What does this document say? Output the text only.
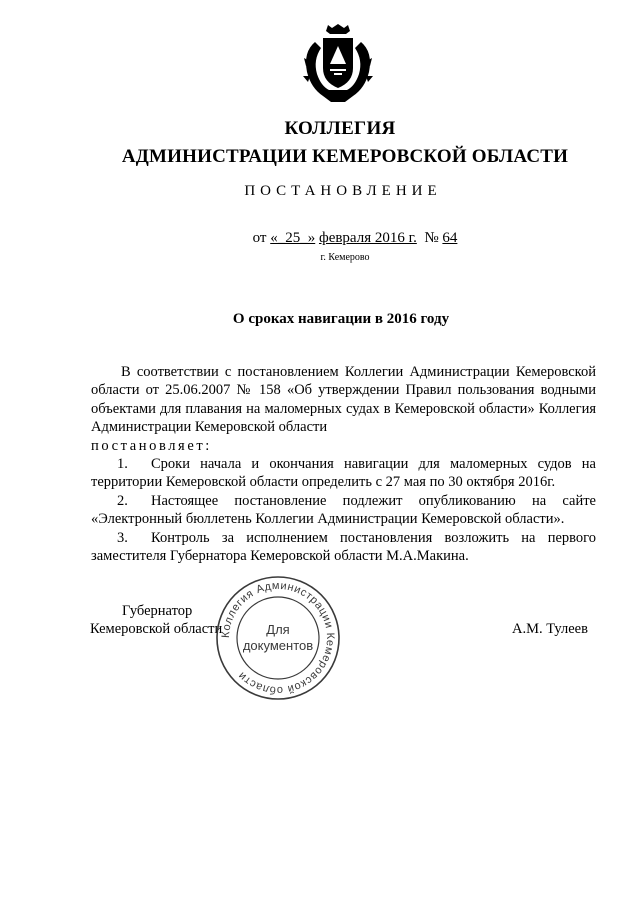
КОЛЛЕГИЯ
АДМИНИСТРАЦИИ КЕМЕРОВСКОЙ ОБЛАСТИ
ПОСТАНОВЛЕНИЕ
от «_25_» февраля 2016 г. № 64
г. Кемерово
О сроках навигации в 2016 году

В соответствии с постановлением Коллегии Администрации Кемеровской области от 25.06.2007 № 158 «Об утверждении Правил пользования водными объектами для плавания на маломерных судах в Кемеровской области» Коллегия Администрации Кемеровской области

постановляет:

1. Сроки начала и окончания навигации для маломерных судов на территории Кемеровской области определить с 27 мая по 30 октября 2016г.

2. Настоящее постановление подлежит опубликованию на сайте «Электронный бюллетень Коллегии Администрации Кемеровской области».

3. Контроль за исполнением постановления возложить на первого заместителя Губернатора Кемеровской области М.А.Макина.

Губернатор
Кемеровской области	А.М. Тулеев
Коллегия Администрации Кемеровской области
Для
документов
